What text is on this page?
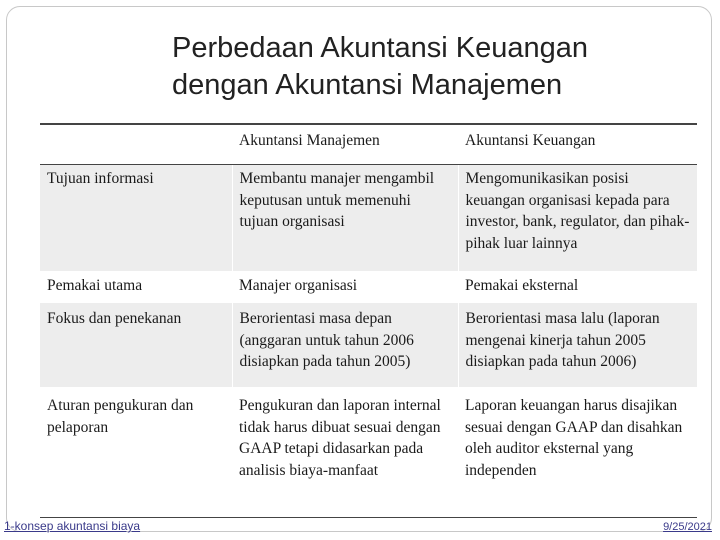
Perbedaan Akuntansi Keuangan
dengan Akuntansi Manajemen
	Akuntansi Manajemen	Akuntansi Keuangan
Tujuan informasi	Membantu manajer mengambil keputusan untuk memenuhi tujuan organisasi	Mengomunikasikan posisi keuangan organisasi kepada para investor, bank, regulator, dan pihak-pihak luar lainnya
Pemakai utama	Manajer organisasi	Pemakai eksternal
Fokus dan penekanan	Berorientasi masa depan (anggaran untuk tahun 2006 disiapkan pada tahun 2005)	Berorientasi masa lalu (laporan mengenai kinerja tahun 2005 disiapkan pada tahun 2006)
Aturan pengukuran dan pelaporan	Pengukuran dan laporan internal tidak harus dibuat sesuai dengan GAAP tetapi didasarkan pada analisis biaya-manfaat	Laporan keuangan harus disajikan sesuai dengan GAAP dan disahkan oleh auditor eksternal yang independen
1-konsep akuntansi biaya	9/25/2021
